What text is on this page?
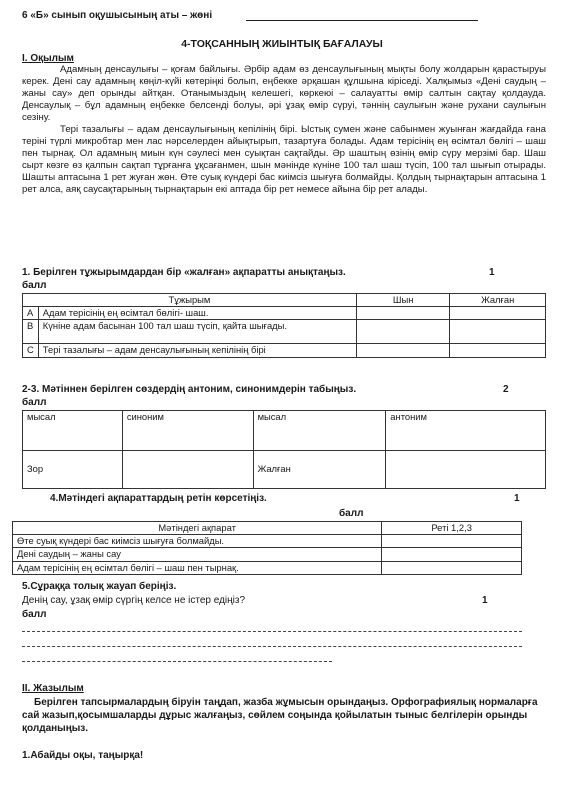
6 «Б» сынып оқушысының аты – жөні
4-ТОҚСАННЫҢ ЖИЫНТЫҚ БАҒАЛАУЫ
I. Оқылым

Адамның денсаулығы – қоғам байлығы. Әрбір адам өз денсаулығының мықты болу жолдарын қарастыруы керек. Дені сау адамның көңіл-күйі көтеріңкі болып, еңбекке әрқашан құлшына кіріседі. Халқымыз «Дені саудың – жаны сау» деп орынды айтқан. Отанымыздың келешегі, көркеюі – салауатты өмір салтын сақтау қолдауда. Денсаулық – бұл адамның еңбекке белсенді болуы, әрі ұзақ өмір сүруі, тәннің саулығын және рухани саулығын сезіну.

Тері тазалығы – адам денсаулығының кепілінің бірі. Ыстық сумен және сабынмен жуынған жағдайда ғана теріні түрлі микробтар мен лас нәрселерден айықтырып, тазартуға болады. Адам терісінің ең өсімтал бөлігі – шаш пен тырнақ. Ол адамның миын күн сәулесі мен суықтан сақтайды. Әр шаштың өзінің өмір сүру мерзімі бар. Шаш сырт көзге өз қалпын сақтап тұрғанға ұқсағанмен, шын мәнінде күніне 100 тал шаш түсіп, 100 тал шығып отырады. Шашты аптасына 1 рет жуған жөн. Өте суық күндері бас киімсіз шығуға болмайды. Қолдың тырнақтарын аптасына 1 рет алса, аяқ саусақтарының тырнақтарын екі аптада бір рет немесе айына бір рет алады.

1. Берілген тұжырымдардан бір «жалған» ақпаратты анықтаңыз.	1
балл
Тұжырым		Шын	Жалған
A	Адам терісінің ең өсімтал бөлігі- шаш.		
B	Күніне адам басынан 100 тал шаш түсіп, қайта шығады.		
C	Тері тазалығы – адам денсаулығының кепілінің бірі		
2-3. Мәтіннен берілген сөздердің антоним, синонимдерін табыңыз.	2
балл
мысал	синоним	мысал	антоним
Зор		Жалған	
4.Мәтіндегі ақпараттардың ретін көрсетіңіз.	1
балл
Мәтіндегі ақпарат	Реті 1,2,3
Өте суық күндері бас киімсіз шығуға болмайды.	
Дені саудың – жаны сау	
Адам терісінің ең өсімтал бөлігі – шаш пен тырнақ.	
5.Сұраққа толық жауап беріңіз.
Денің сау, ұзақ өмір сүргің келсе не істер едіңіз?	1
балл
II. Жазылым
Берілген тапсырмалардың біруін таңдап, жазба жұмысын орындаңыз. Орфографиялық нормаларға сай жазып,қосымшаларды дұрыс жалғаңыз, сөйлем соңында қойылатын тыныс белгілерін орынды қолданыңыз.
1.Абайды оқы, таңырқа!
